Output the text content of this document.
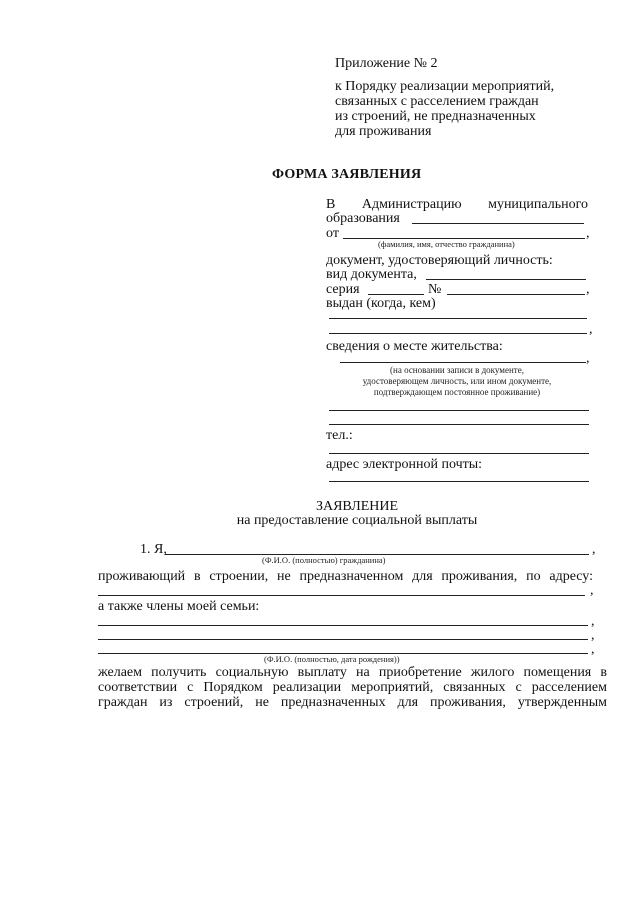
Приложение № 2
к Порядку реализации мероприятий,
связанных с расселением граждан
из строений, не предназначенных
для проживания
ФОРМА ЗАЯВЛЕНИЯ
В Администрацию муниципального
образования
от	,
(фамилия, имя, отчество гражданина)
документ, удостоверяющий личность:
вид документа,
серия	№	,
выдан (когда, кем)
,
сведения о месте жительства:
,
(на основании записи в документе,
удостоверяющем личность, или ином документе,
подтверждающем постоянное проживание)
тел.:
адрес электронной почты:
ЗАЯВЛЕНИЕ
на предоставление социальной выплаты
1. Я,	,
(Ф.И.О. (полностью) гражданина)
проживающий в строении, не предназначенном для проживания, по адресу:
,
а также члены моей семьи:
,
,
,
(Ф.И.О. (полностью, дата рождения))
желаем получить социальную выплату на приобретение жилого помещения в
соответствии с Порядком реализации мероприятий, связанных с расселением
граждан из строений, не предназначенных для проживания, утвержденным
